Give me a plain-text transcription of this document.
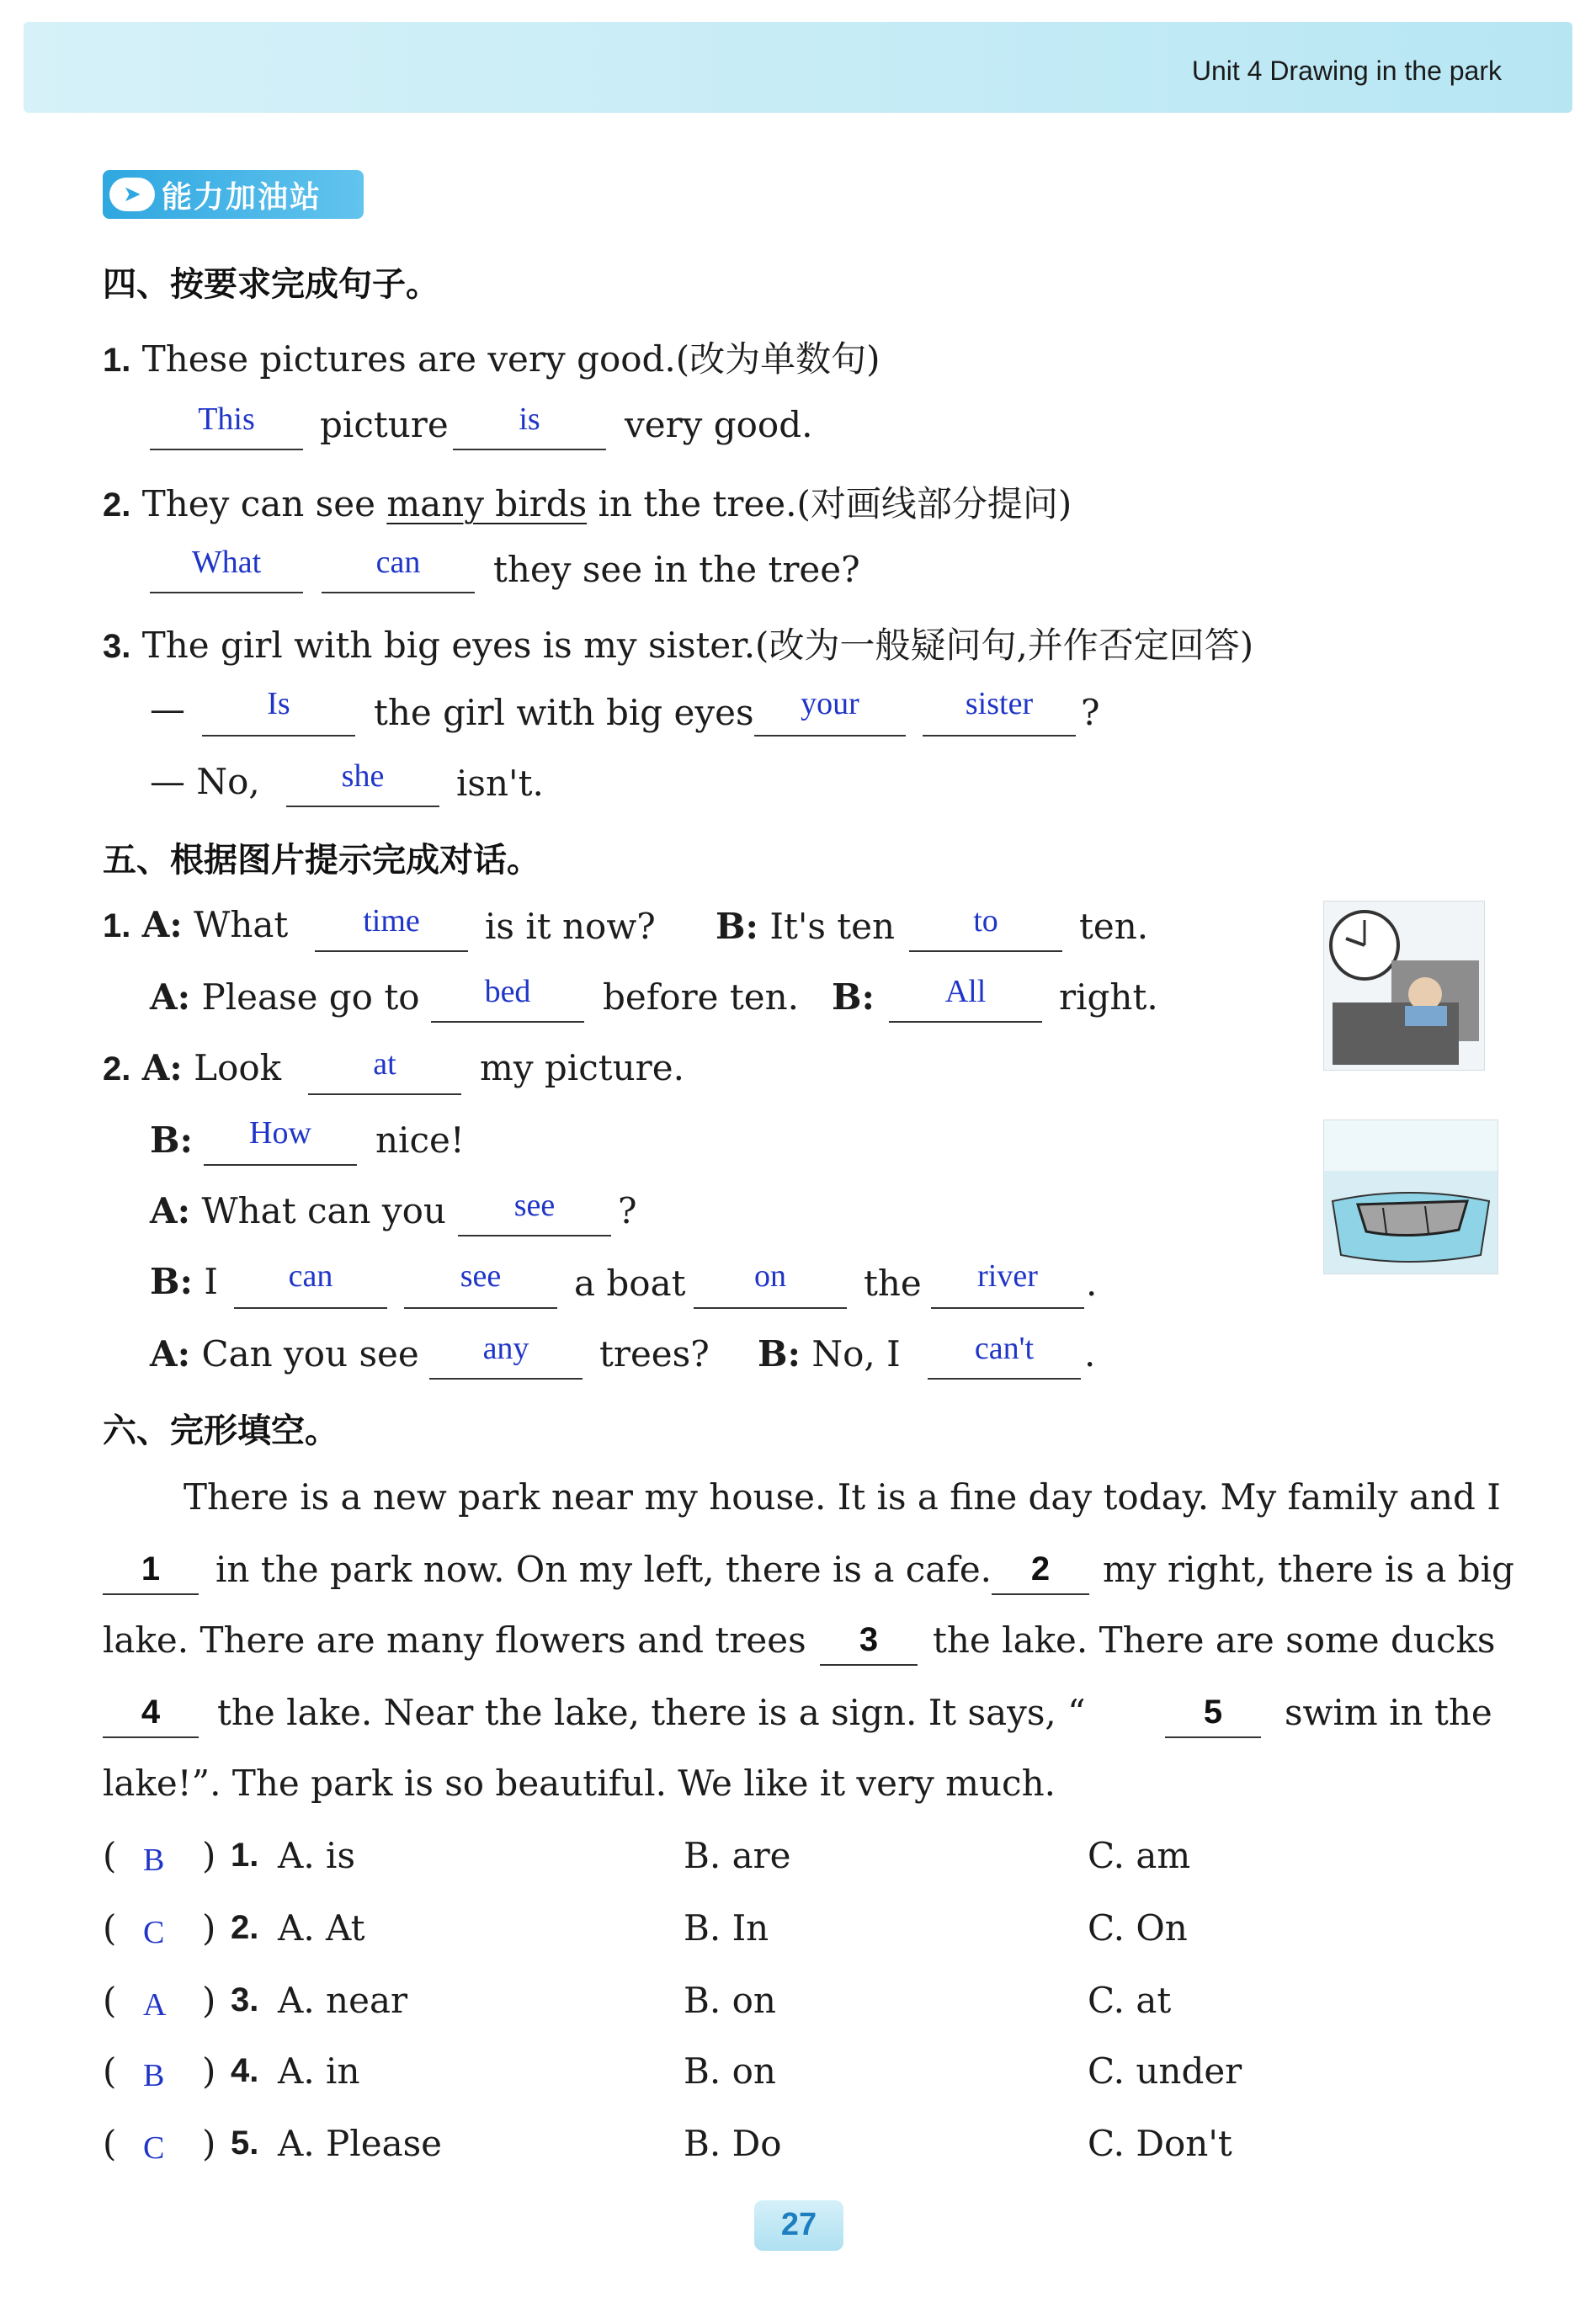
Unit 4 Drawing in the park
➤ 能力加油站
四、按要求完成句子。
1. These pictures are very good.(改为单数句)
This	picture	is	very good.
2. They can see many birds in the tree.(对画线部分提问)
What	can	they see in the tree?
3. The girl with big eyes is my sister.(改为一般疑问句,并作否定回答)
—	Is	the girl with big eyes	your	sister	?
— No,	she	isn't.
五、根据图片提示完成对话。
1. A: What	time	is it now? B: It's ten	to	ten.
A: Please go to	bed	before ten. B:	All	right.
2. A: Look	at	my picture.
B:	How	nice!
A: What can you	see	?
B: I	can	see	a boat	on	the	river	.
A: Can you see	any	trees? B: No, I	can't	.
六、完形填空。
There is a new park near my house. It is a fine day today. My family and I
1	in the park now. On my left, there is a cafe.	2	my right, there is a big
lake. There are many flowers and trees	3	the lake. There are some ducks
4	the lake. Near the lake, there is a sign. It says, “	5	swim in the
lake!”. The park is so beautiful. We like it very much.
( B ) 1. A. is	B. are	C. am
( C ) 2. A. At	B. In	C. On
( A ) 3. A. near	B. on	C. at
( B ) 4. A. in	B. on	C. under
( C ) 5. A. Please	B. Do	C. Don't
27
